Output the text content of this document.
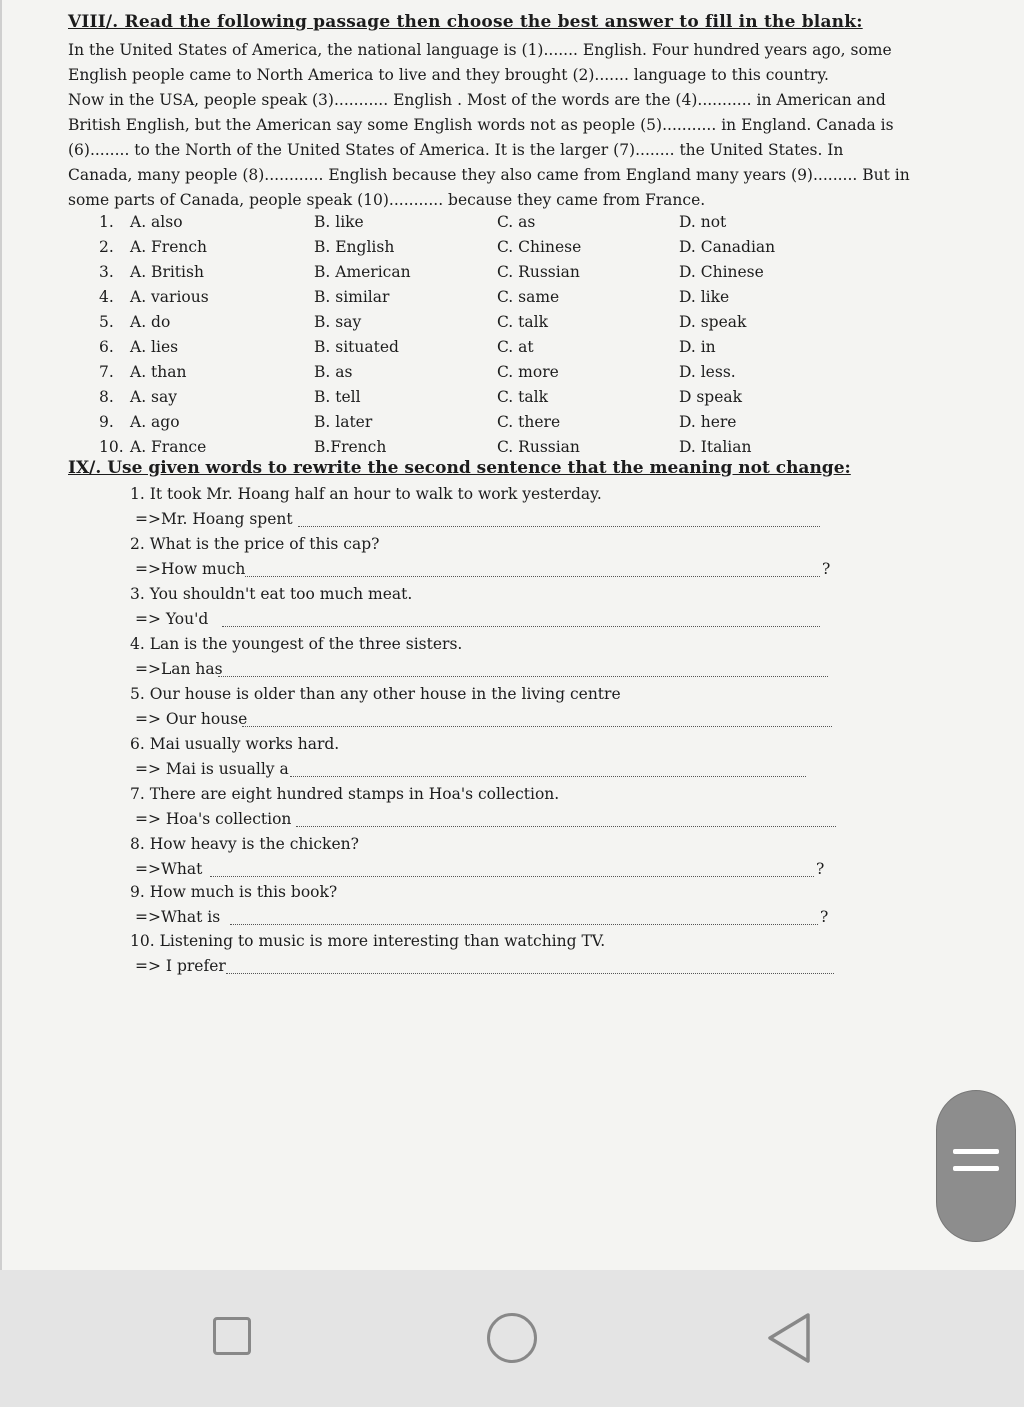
VIII/. Read the following passage then choose the best answer to fill in the blank:

In the United States of America, the national language is (1)....... English. Four hundred years ago, some

English people came to North America to live and they brought (2)....... language to this country.

Now in the USA, people speak (3)........... English . Most of the words are the (4)........... in American and

British English, but the American say some English words not as people (5)........... in England. Canada is

(6)........ to the North of the United States of America. It is the larger (7)........ the United States. In

Canada, many people (8)............ English because they also came from England many years (9)......... But in

some parts of Canada, people speak (10)........... because they came from France.

1. A. also	B. like	C. as	D. not
2. A. French	B. English	C. Chinese	D. Canadian
3. A. British	B. American	C. Russian	D. Chinese
4. A. various	B. similar	C. same	D. like
5. A. do	B. say	C. talk	D. speak
6. A. lies	B. situated	C. at	D. in
7. A. than	B. as	C. more	D. less.
8. A. say	B. tell	C. talk	D speak
9. A. ago	B. later	C. there	D. here
10. A. France	B.French	C. Russian	D. Italian
IX/. Use given words to rewrite the second sentence that the meaning not change:
1. It took Mr. Hoang half an hour to walk to work yesterday.
=>Mr. Hoang spent
2. What is the price of this cap?
=>How much	?
3. You shouldn't eat too much meat.
=> You'd
4. Lan is the youngest of the three sisters.
=>Lan has
5. Our house is older than any other house in the living centre
=> Our house
6. Mai usually works hard.
=> Mai is usually a
7. There are eight hundred stamps in Hoa's collection.
=> Hoa's collection
8. How heavy is the chicken?
=>What	?
9. How much is this book?
=>What is	?
10. Listening to music is more interesting than watching TV.
=> I prefer
